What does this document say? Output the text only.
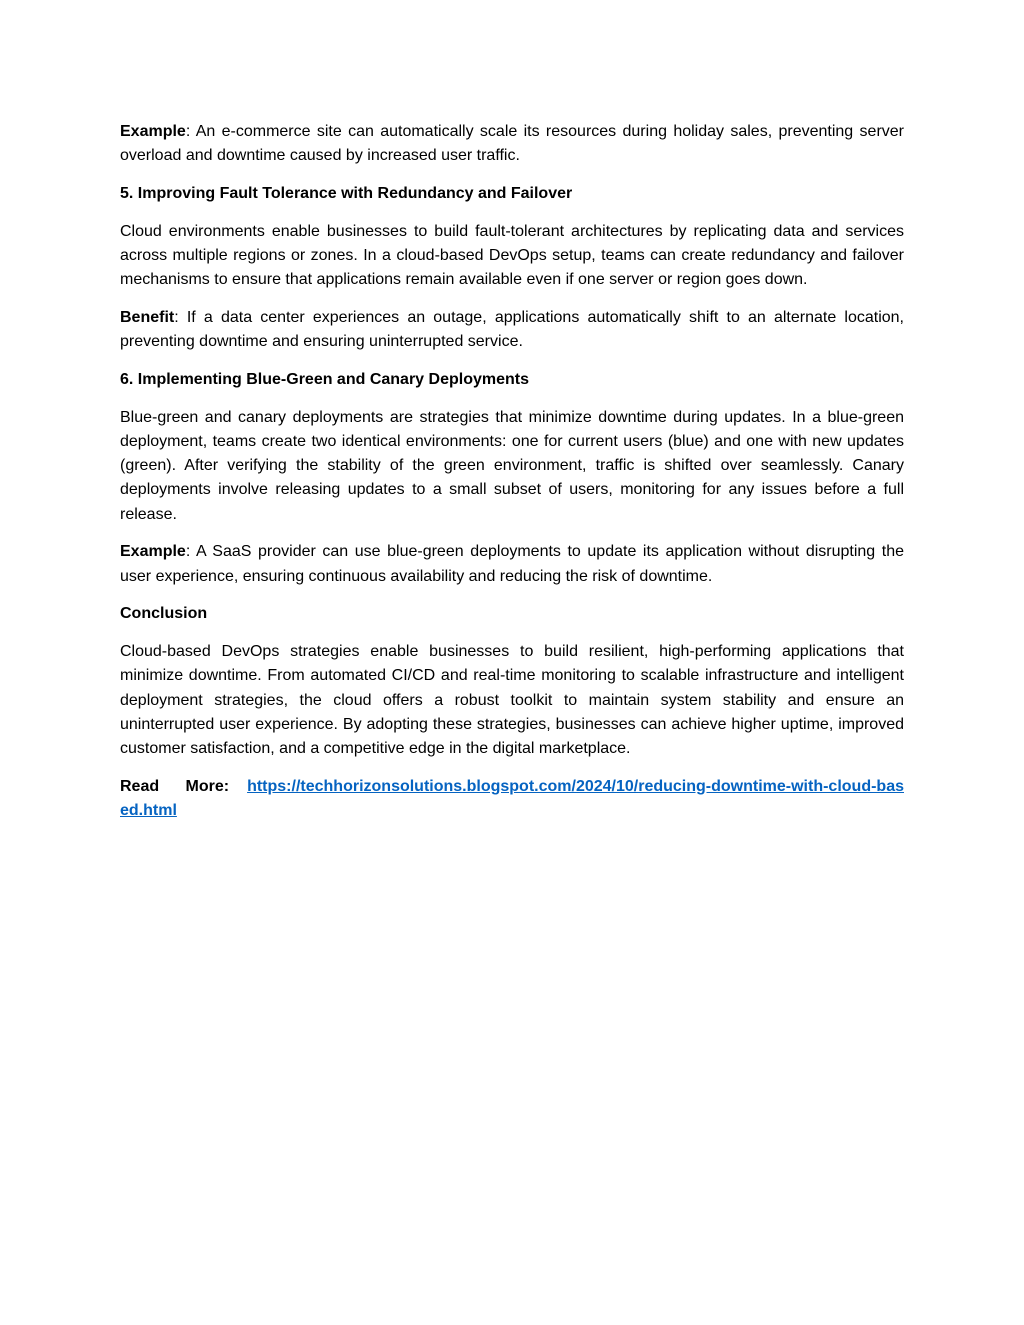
Example: An e-commerce site can automatically scale its resources during holiday sales, preventing server overload and downtime caused by increased user traffic.

5. Improving Fault Tolerance with Redundancy and Failover

Cloud environments enable businesses to build fault-tolerant architectures by replicating data and services across multiple regions or zones. In a cloud-based DevOps setup, teams can create redundancy and failover mechanisms to ensure that applications remain available even if one server or region goes down.

Benefit: If a data center experiences an outage, applications automatically shift to an alternate location, preventing downtime and ensuring uninterrupted service.

6. Implementing Blue-Green and Canary Deployments

Blue-green and canary deployments are strategies that minimize downtime during updates. In a blue-green deployment, teams create two identical environments: one for current users (blue) and one with new updates (green). After verifying the stability of the green environment, traffic is shifted over seamlessly. Canary deployments involve releasing updates to a small subset of users, monitoring for any issues before a full release.

Example: A SaaS provider can use blue-green deployments to update its application without disrupting the user experience, ensuring continuous availability and reducing the risk of downtime.

Conclusion

Cloud-based DevOps strategies enable businesses to build resilient, high-performing applications that minimize downtime. From automated CI/CD and real-time monitoring to scalable infrastructure and intelligent deployment strategies, the cloud offers a robust toolkit to maintain system stability and ensure an uninterrupted user experience. By adopting these strategies, businesses can achieve higher uptime, improved customer satisfaction, and a competitive edge in the digital marketplace.

Read More: https://techhorizonsolutions.blogspot.com/2024/10/reducing-downtime-with-cloud-based.html
